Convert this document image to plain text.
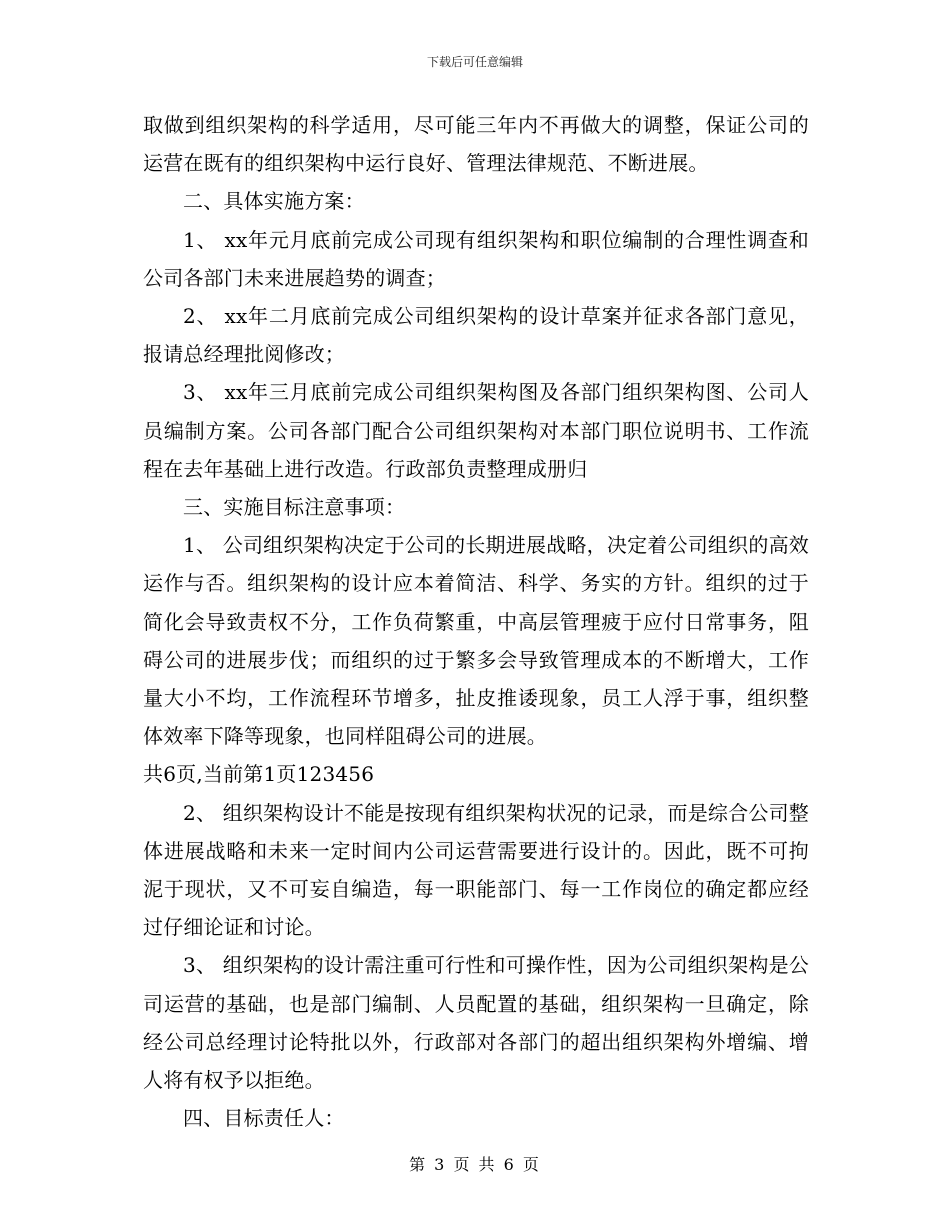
下载后可任意编辑

取做到组织架构的科学适用，尽可能三年内不再做大的调整，保证公司的运营在既有的组织架构中运行良好、管理法律规范、不断进展。

二、具体实施方案：

1、 xx年元月底前完成公司现有组织架构和职位编制的合理性调查和公司各部门未来进展趋势的调查；

2、 xx年二月底前完成公司组织架构的设计草案并征求各部门意见，报请总经理批阅修改；

3、 xx年三月底前完成公司组织架构图及各部门组织架构图、公司人员编制方案。公司各部门配合公司组织架构对本部门职位说明书、工作流程在去年基础上进行改造。行政部负责整理成册归

三、实施目标注意事项：

1、 公司组织架构决定于公司的长期进展战略，决定着公司组织的高效运作与否。组织架构的设计应本着简洁、科学、务实的方针。组织的过于简化会导致责权不分，工作负荷繁重，中高层管理疲于应付日常事务，阻碍公司的进展步伐；而组织的过于繁多会导致管理成本的不断增大，工作量大小不均，工作流程环节增多，扯皮推诿现象，员工人浮于事，组织整体效率下降等现象，也同样阻碍公司的进展。

共6页,当前第1页123456

2、 组织架构设计不能是按现有组织架构状况的记录，而是综合公司整体进展战略和未来一定时间内公司运营需要进行设计的。因此，既不可拘泥于现状，又不可妄自编造，每一职能部门、每一工作岗位的确定都应经过仔细论证和讨论。

3、 组织架构的设计需注重可行性和可操作性，因为公司组织架构是公司运营的基础，也是部门编制、人员配置的基础，组织架构一旦确定，除经公司总经理讨论特批以外，行政部对各部门的超出组织架构外增编、增人将有权予以拒绝。

四、目标责任人：

第 3 页 共 6 页
